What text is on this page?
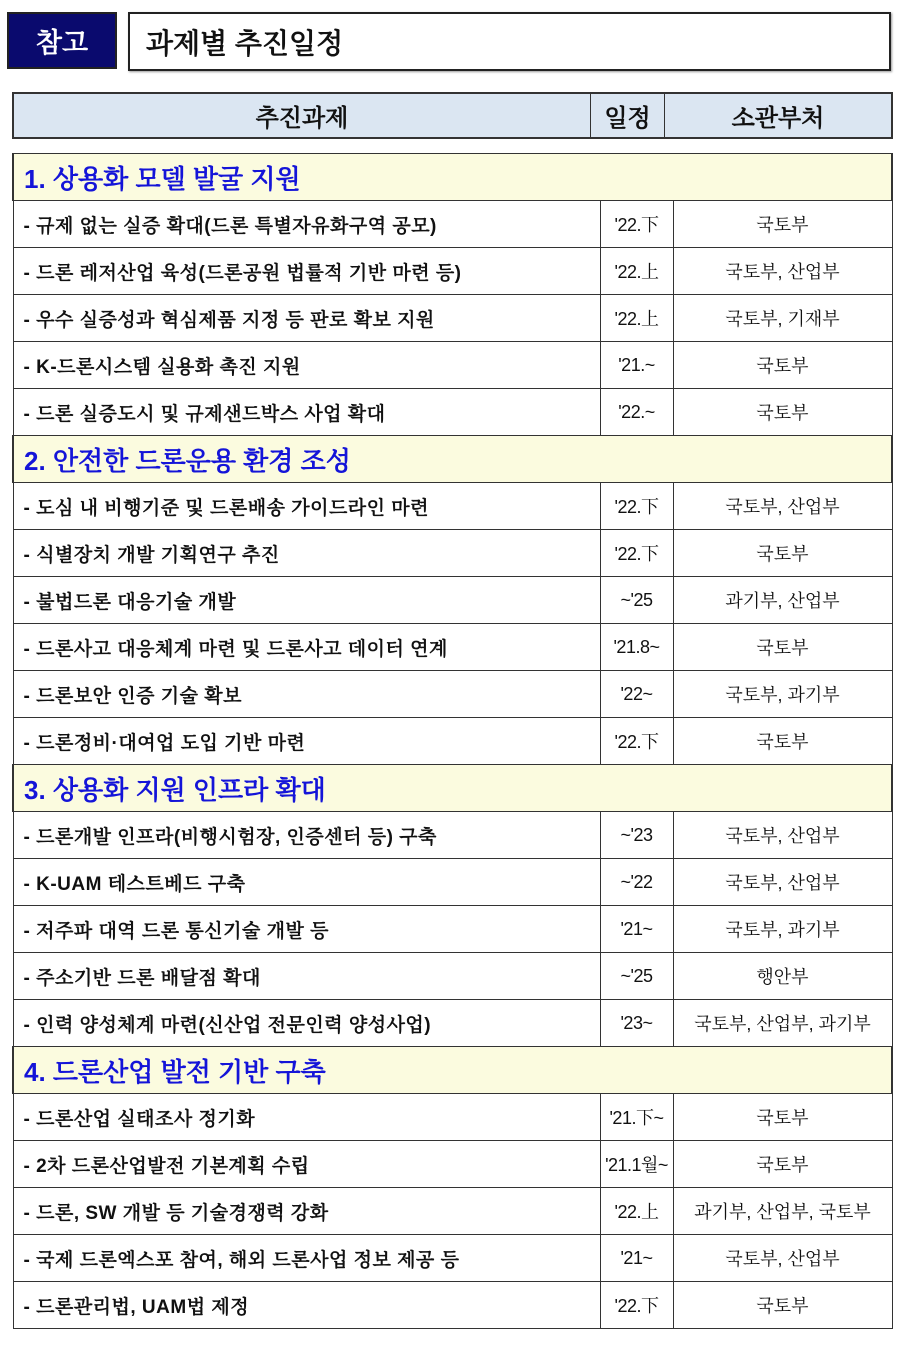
참고	과제별 추진일정
추진과제	일정	소관부처
1. 상용화 모델 발굴 지원		
- 규제 없는 실증 확대(드론 특별자유화구역 공모)	'22.下	국토부
- 드론 레저산업 육성(드론공원 법률적 기반 마련 등)	'22.上	국토부, 산업부
- 우수 실증성과 혁심제품 지정 등 판로 확보 지원	'22.上	국토부, 기재부
- K-드론시스템 실용화 촉진 지원	'21.~	국토부
- 드론 실증도시 및 규제샌드박스 사업 확대	'22.~	국토부
2. 안전한 드론운용 환경 조성		
- 도심 내 비행기준 및 드론배송 가이드라인 마련	'22.下	국토부, 산업부
- 식별장치 개발 기획연구 추진	'22.下	국토부
- 불법드론 대응기술 개발	~'25	과기부, 산업부
- 드론사고 대응체계 마련 및 드론사고 데이터 연계	'21.8~	국토부
- 드론보안 인증 기술 확보	'22~	국토부, 과기부
- 드론정비·대여업 도입 기반 마련	'22.下	국토부
3. 상용화 지원 인프라 확대		
- 드론개발 인프라(비행시험장, 인증센터 등) 구축	~'23	국토부, 산업부
- K-UAM 테스트베드 구축	~'22	국토부, 산업부
- 저주파 대역 드론 통신기술 개발 등	'21~	국토부, 과기부
- 주소기반 드론 배달점 확대	~'25	행안부
- 인력 양성체계 마련(신산업 전문인력 양성사업)	'23~	국토부, 산업부, 과기부
4. 드론산업 발전 기반 구축		
- 드론산업 실태조사 정기화	'21.下~	국토부
- 2차 드론산업발전 기본계획 수립	'21.1월~	국토부
- 드론, SW 개발 등 기술경쟁력 강화	'22.上	과기부, 산업부, 국토부
- 국제 드론엑스포 참여, 해외 드론사업 정보 제공 등	'21~	국토부, 산업부
- 드론관리법, UAM법 제정	'22.下	국토부
